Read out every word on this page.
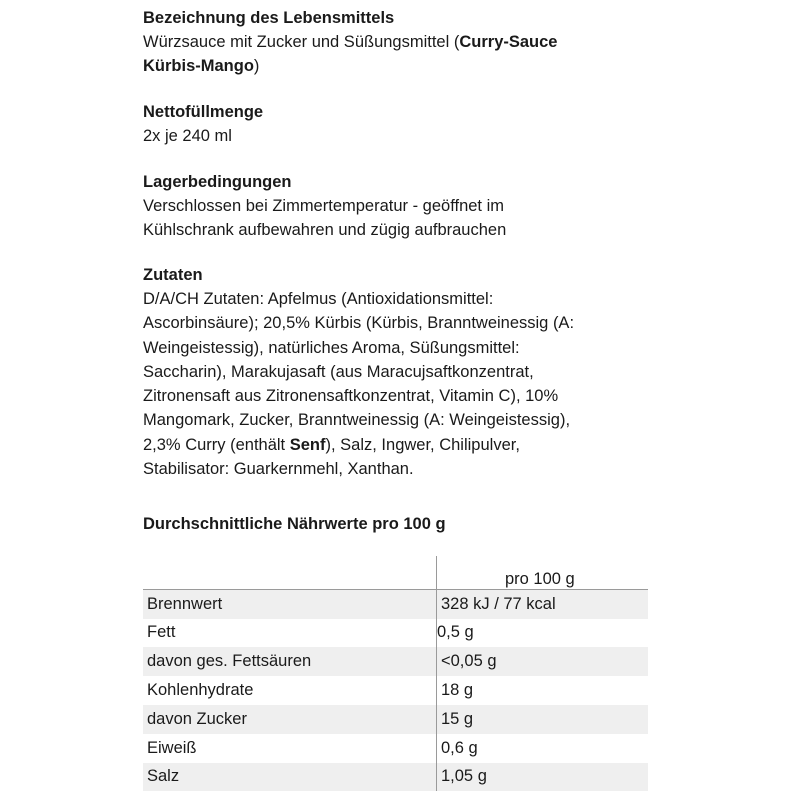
Bezeichnung des Lebensmittels
Würzsauce mit Zucker und Süßungsmittel (Curry-Sauce
Kürbis-Mango)
Nettofüllmenge
2x je 240 ml
Lagerbedingungen
Verschlossen bei Zimmertemperatur - geöffnet im
Kühlschrank aufbewahren und zügig aufbrauchen
Zutaten
D/A/CH Zutaten: Apfelmus (Antioxidationsmittel:
Ascorbinsäure); 20,5% Kürbis (Kürbis, Branntweinessig (A:
Weingeistessig), natürliches Aroma, Süßungsmittel:
Saccharin), Marakujasaft (aus Maracujsaftkonzentrat,
Zitronensaft aus Zitronensaftkonzentrat, Vitamin C), 10%
Mangomark, Zucker, Branntweinessig (A: Weingeistessig),
2,3% Curry (enthält Senf), Salz, Ingwer, Chilipulver,
Stabilisator: Guarkernmehl, Xanthan.
Durchschnittliche Nährwerte pro 100 g
	pro 100 g
Brennwert	328 kJ / 77 kcal
Fett	0,5 g
davon ges. Fettsäuren	<0,05 g
Kohlenhydrate	18 g
davon Zucker	15 g
Eiweiß	0,6 g
Salz	1,05 g
